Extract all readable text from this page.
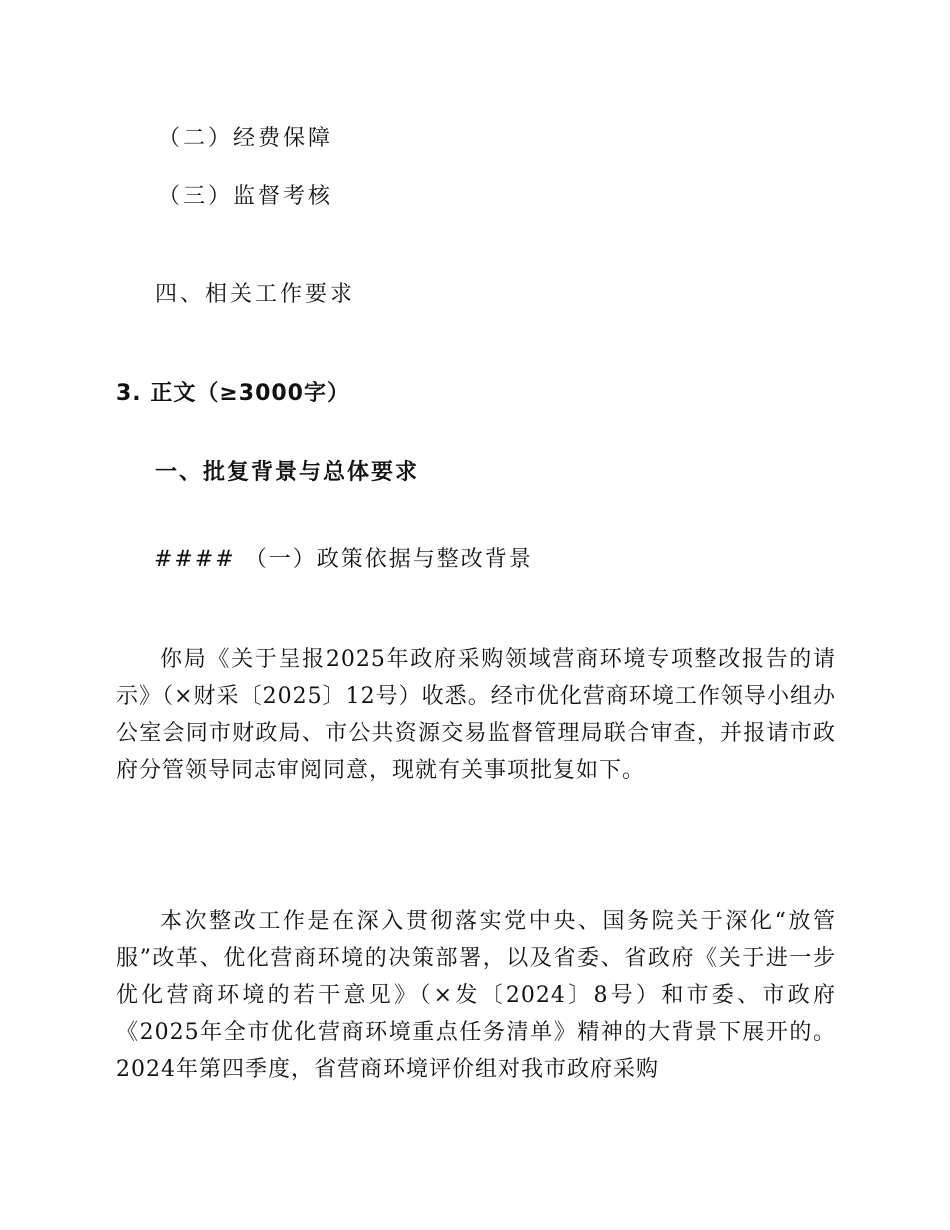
（二）经费保障
（三）监督考核
四、相关工作要求
3. 正文（≥3000字）
一、批复背景与总体要求
#### （一）政策依据与整改背景
你局《关于呈报2025年政府采购领域营商环境专项整改报告的请示》（×财采〔2025〕12号）收悉。经市优化营商环境工作领导小组办公室会同市财政局、市公共资源交易监督管理局联合审查，并报请市政府分管领导同志审阅同意，现就有关事项批复如下。
本次整改工作是在深入贯彻落实党中央、国务院关于深化“放管服”改革、优化营商环境的决策部署，以及省委、省政府《关于进一步优化营商环境的若干意见》（×发〔2024〕8号）和市委、市政府《2025年全市优化营商环境重点任务清单》精神的大背景下展开的。2024年第四季度，省营商环境评价组对我市政府采购
